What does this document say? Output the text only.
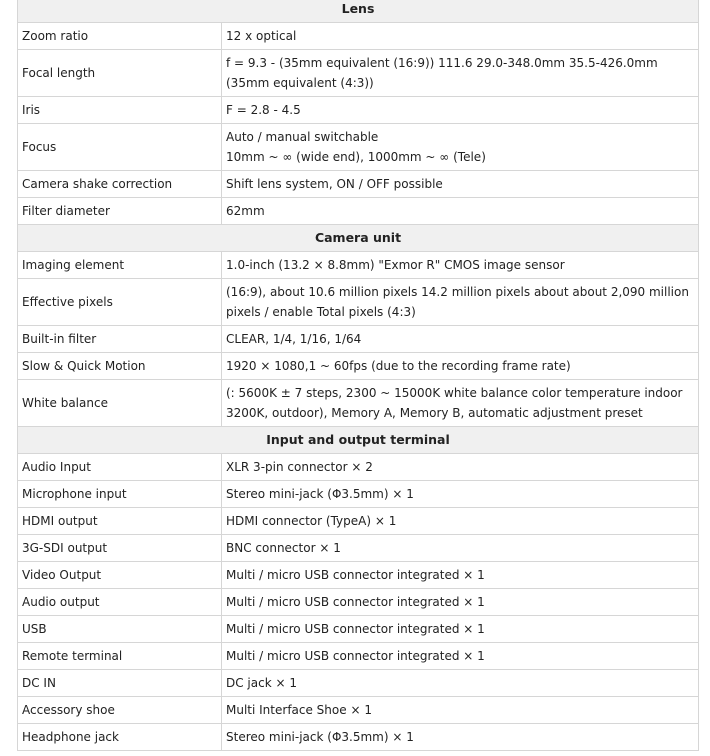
Lens	
Zoom ratio	12 x optical

Focal length	f = 9.3 - (35mm equivalent (16:9)) 111.6 29.0-348.0mm 35.5-426.0mm (35mm equivalent (4:3))

Iris	F = 2.8 - 4.5

Focus	Auto / manual switchable
10mm ~ ∞ (wide end), 1000mm ~ ∞ (Tele)

Camera shake correction	Shift lens system, ON / OFF possible

Filter diameter	62mm

Camera unit	
Imaging element	1.0-inch (13.2 × 8.8mm) "Exmor R" CMOS image sensor

Effective pixels	(16:9), about 10.6 million pixels 14.2 million pixels about about 2,090 million pixels / enable Total pixels (4:3)

Built-in filter	CLEAR, 1/4, 1/16, 1/64

Slow & Quick Motion	1920 × 1080,1 ~ 60fps (due to the recording frame rate)

White balance	(: 5600K ± 7 steps, 2300 ~ 15000K white balance color temperature indoor 3200K, outdoor), Memory A, Memory B, automatic adjustment preset

Input and output terminal	
Audio Input	XLR 3-pin connector × 2

Microphone input	Stereo mini-jack (Φ3.5mm) × 1

HDMI output	HDMI connector (TypeA) × 1

3G-SDI output	BNC connector × 1

Video Output	Multi / micro USB connector integrated × 1

Audio output	Multi / micro USB connector integrated × 1

USB	Multi / micro USB connector integrated × 1

Remote terminal	Multi / micro USB connector integrated × 1

DC IN	DC jack × 1

Accessory shoe	Multi Interface Shoe × 1

Headphone jack	Stereo mini-jack (Φ3.5mm) × 1
